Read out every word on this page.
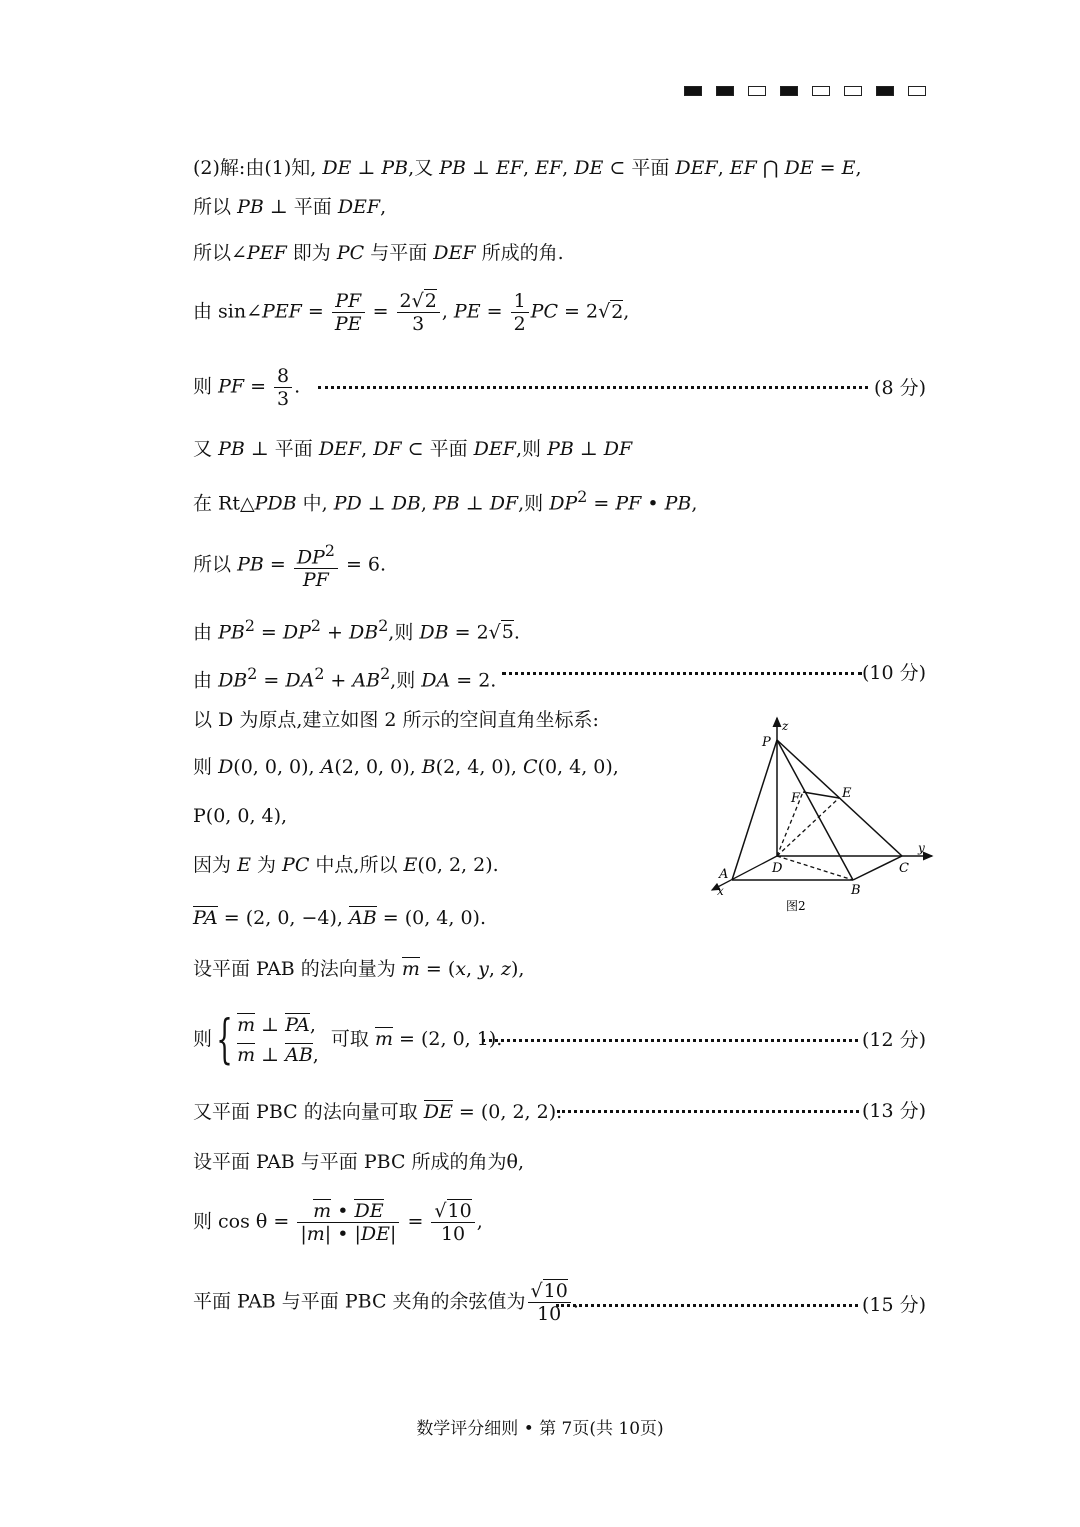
(2)解:由(1)知, DE ⊥ PB,又 PB ⊥ EF, EF, DE ⊂ 平面 DEF, EF ⋂ DE = E,
所以 PB ⊥ 平面 DEF,
所以∠PEF 即为 PC 与平面 DEF 所成的角.
由 sin∠PEF = $\frac{PF}{PE} = \frac{2√2}{3}$ , PE = $\frac{1}{2}$ PC = 2√2,
则 PF = $\frac{8}{3}$ .	(8 分)
又 PB ⊥ 平面 DEF, DF ⊂ 平面 DEF,则 PB ⊥ DF
在 Rt△PDB 中, PD ⊥ DB, PB ⊥ DF,则 $DP^2$ = PF • PB,
所以 PB = $\frac{DP^2}{PF} = 6$.
由 $PB^2 = DP^2 + DB^2$,则 DB = 2√5.
由 $DB^2 = DA^2 + AB^2$,则 DA = 2.	(10 分)
以 D 为原点,建立如图 2 所示的空间直角坐标系:
则 D(0, 0, 0), A(2, 0, 0), B(2, 4, 0), C(0, 4, 0),
P(0, 0, 4),
因为 E 为 PC 中点,所以 E(0, 2, 2).
PA = (2, 0, −4), AB = (0, 4, 0).
设平面 PAB 的法向量为 m = (x, y, z),
则{ m ⊥ PA,
m ⊥ AB,  可取 m = (2, 0, 1).	(12 分)
又平面 PBC 的法向量可取 DE = (0, 2, 2).	(13 分)
设平面 PAB 与平面 PBC 所成的角为θ,
则 $\cos \theta = \frac{m • DE}{|m| • |DE|} = \frac{√10}{10}$ ,
平面 PAB 与平面 PBC 夹角的余弦值为 $\frac{√10}{10}$ .	(15 分)
z
P
E
F
y
D	C
A
x	B
图2
数学评分细则 • 第 7页(共 10页)
